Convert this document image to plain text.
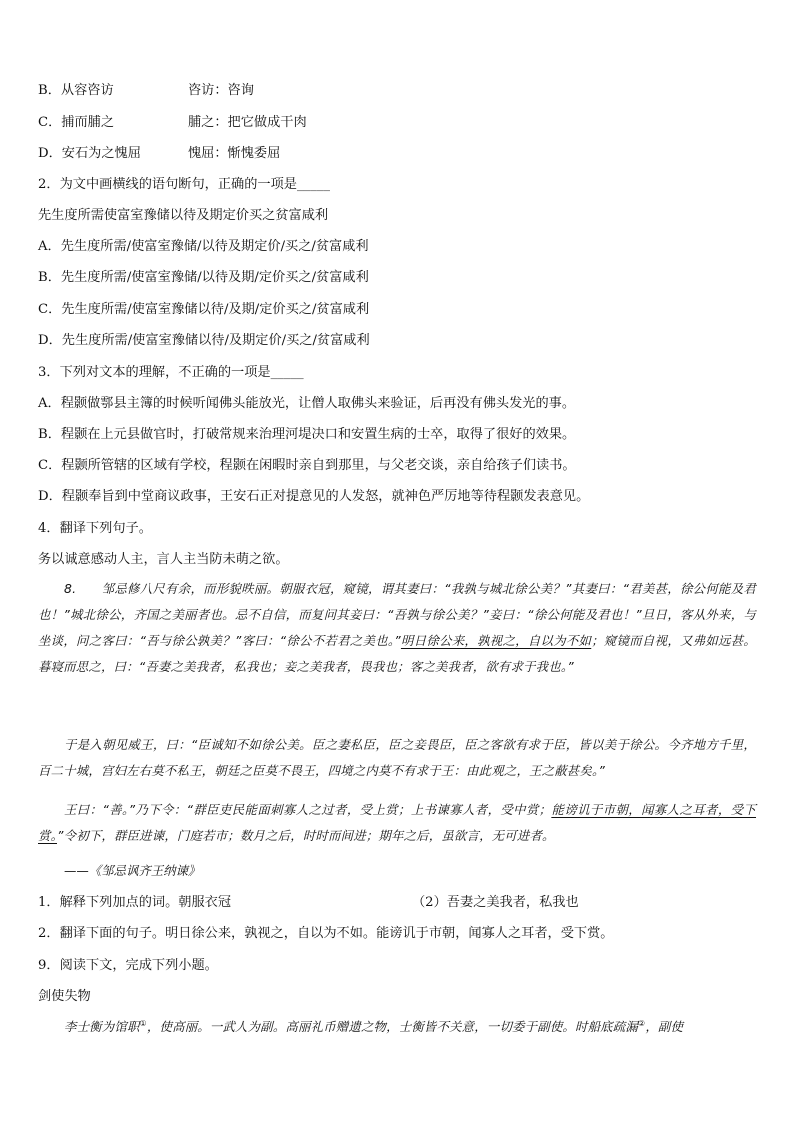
B．从容咨访	咨访：咨询
C．捕而脯之	脯之：把它做成干肉
D．安石为之愧屈	愧屈：惭愧委屈
2．为文中画横线的语句断句，正确的一项是_____
先生度所需使富室豫储以待及期定价买之贫富咸利
A．先生度所需/使富室豫储/以待及期定价/买之/贫富咸利
B．先生度所需/使富室豫储/以待及期/定价买之/贫富咸利
C．先生度所需/使富室豫储以待/及期/定价买之/贫富咸利
D．先生度所需/使富室豫储以待/及期定价/买之/贫富咸利
3．下列对文本的理解，不正确的一项是_____
A．程颢做鄠县主簿的时候听闻佛头能放光，让僧人取佛头来验证，后再没有佛头发光的事。
B．程颢在上元县做官时，打破常规来治理河堤决口和安置生病的士卒，取得了很好的效果。
C．程颢所管辖的区域有学校，程颢在闲暇时亲自到那里，与父老交谈，亲自给孩子们读书。
D．程颢奉旨到中堂商议政事，王安石正对提意见的人发怒，就神色严厉地等待程颢发表意见。
4．翻译下列句子。
务以诚意感动人主，言人主当防未萌之欲。
8. 邹忌修八尺有余，而形貌昳丽。朝服衣冠，窥镜，谓其妻曰：“我孰与城北徐公美？”其妻曰：“君美甚，徐公何能及君也！”城北徐公，齐国之美丽者也。忌不自信，而复问其妾曰：“吾孰与徐公美？”妾曰：“徐公何能及君也！”旦日，客从外来，与坐谈，问之客曰：“吾与徐公孰美？”客曰：“徐公不若君之美也。”明日徐公来，孰视之，自以为不如；窥镜而自视，又弗如远甚。暮寝而思之，曰：“吾妻之美我者，私我也；妾之美我者，畏我也；客之美我者，欲有求于我也。”
于是入朝见威王，曰：“臣诚知不如徐公美。臣之妻私臣，臣之妾畏臣，臣之客欲有求于臣，皆以美于徐公。今齐地方千里，百二十城，宫妇左右莫不私王，朝廷之臣莫不畏王，四境之内莫不有求于王：由此观之，王之蔽甚矣。”
王曰：“善。”乃下令：“群臣吏民能面刺寡人之过者，受上赏；上书谏寡人者，受中赏；能谤讥于市朝，闻寡人之耳者，受下赏。”令初下，群臣进谏，门庭若市；数月之后，时时而间进；期年之后，虽欲言，无可进者。
——《邹忌讽齐王纳谏》
1．解释下列加点的词。朝服衣冠	（2）吾妻之美我者，私我也
2．翻译下面的句子。明日徐公来，孰视之，自以为不如。能谤讥于市朝，闻寡人之耳者，受下赏。
9．阅读下文，完成下列小题。
剑使失物
李士衡为馆职①，使高丽。一武人为副。高丽礼币赠遗之物，士衡皆不关意，一切委于副使。时船底疏漏②，副使
